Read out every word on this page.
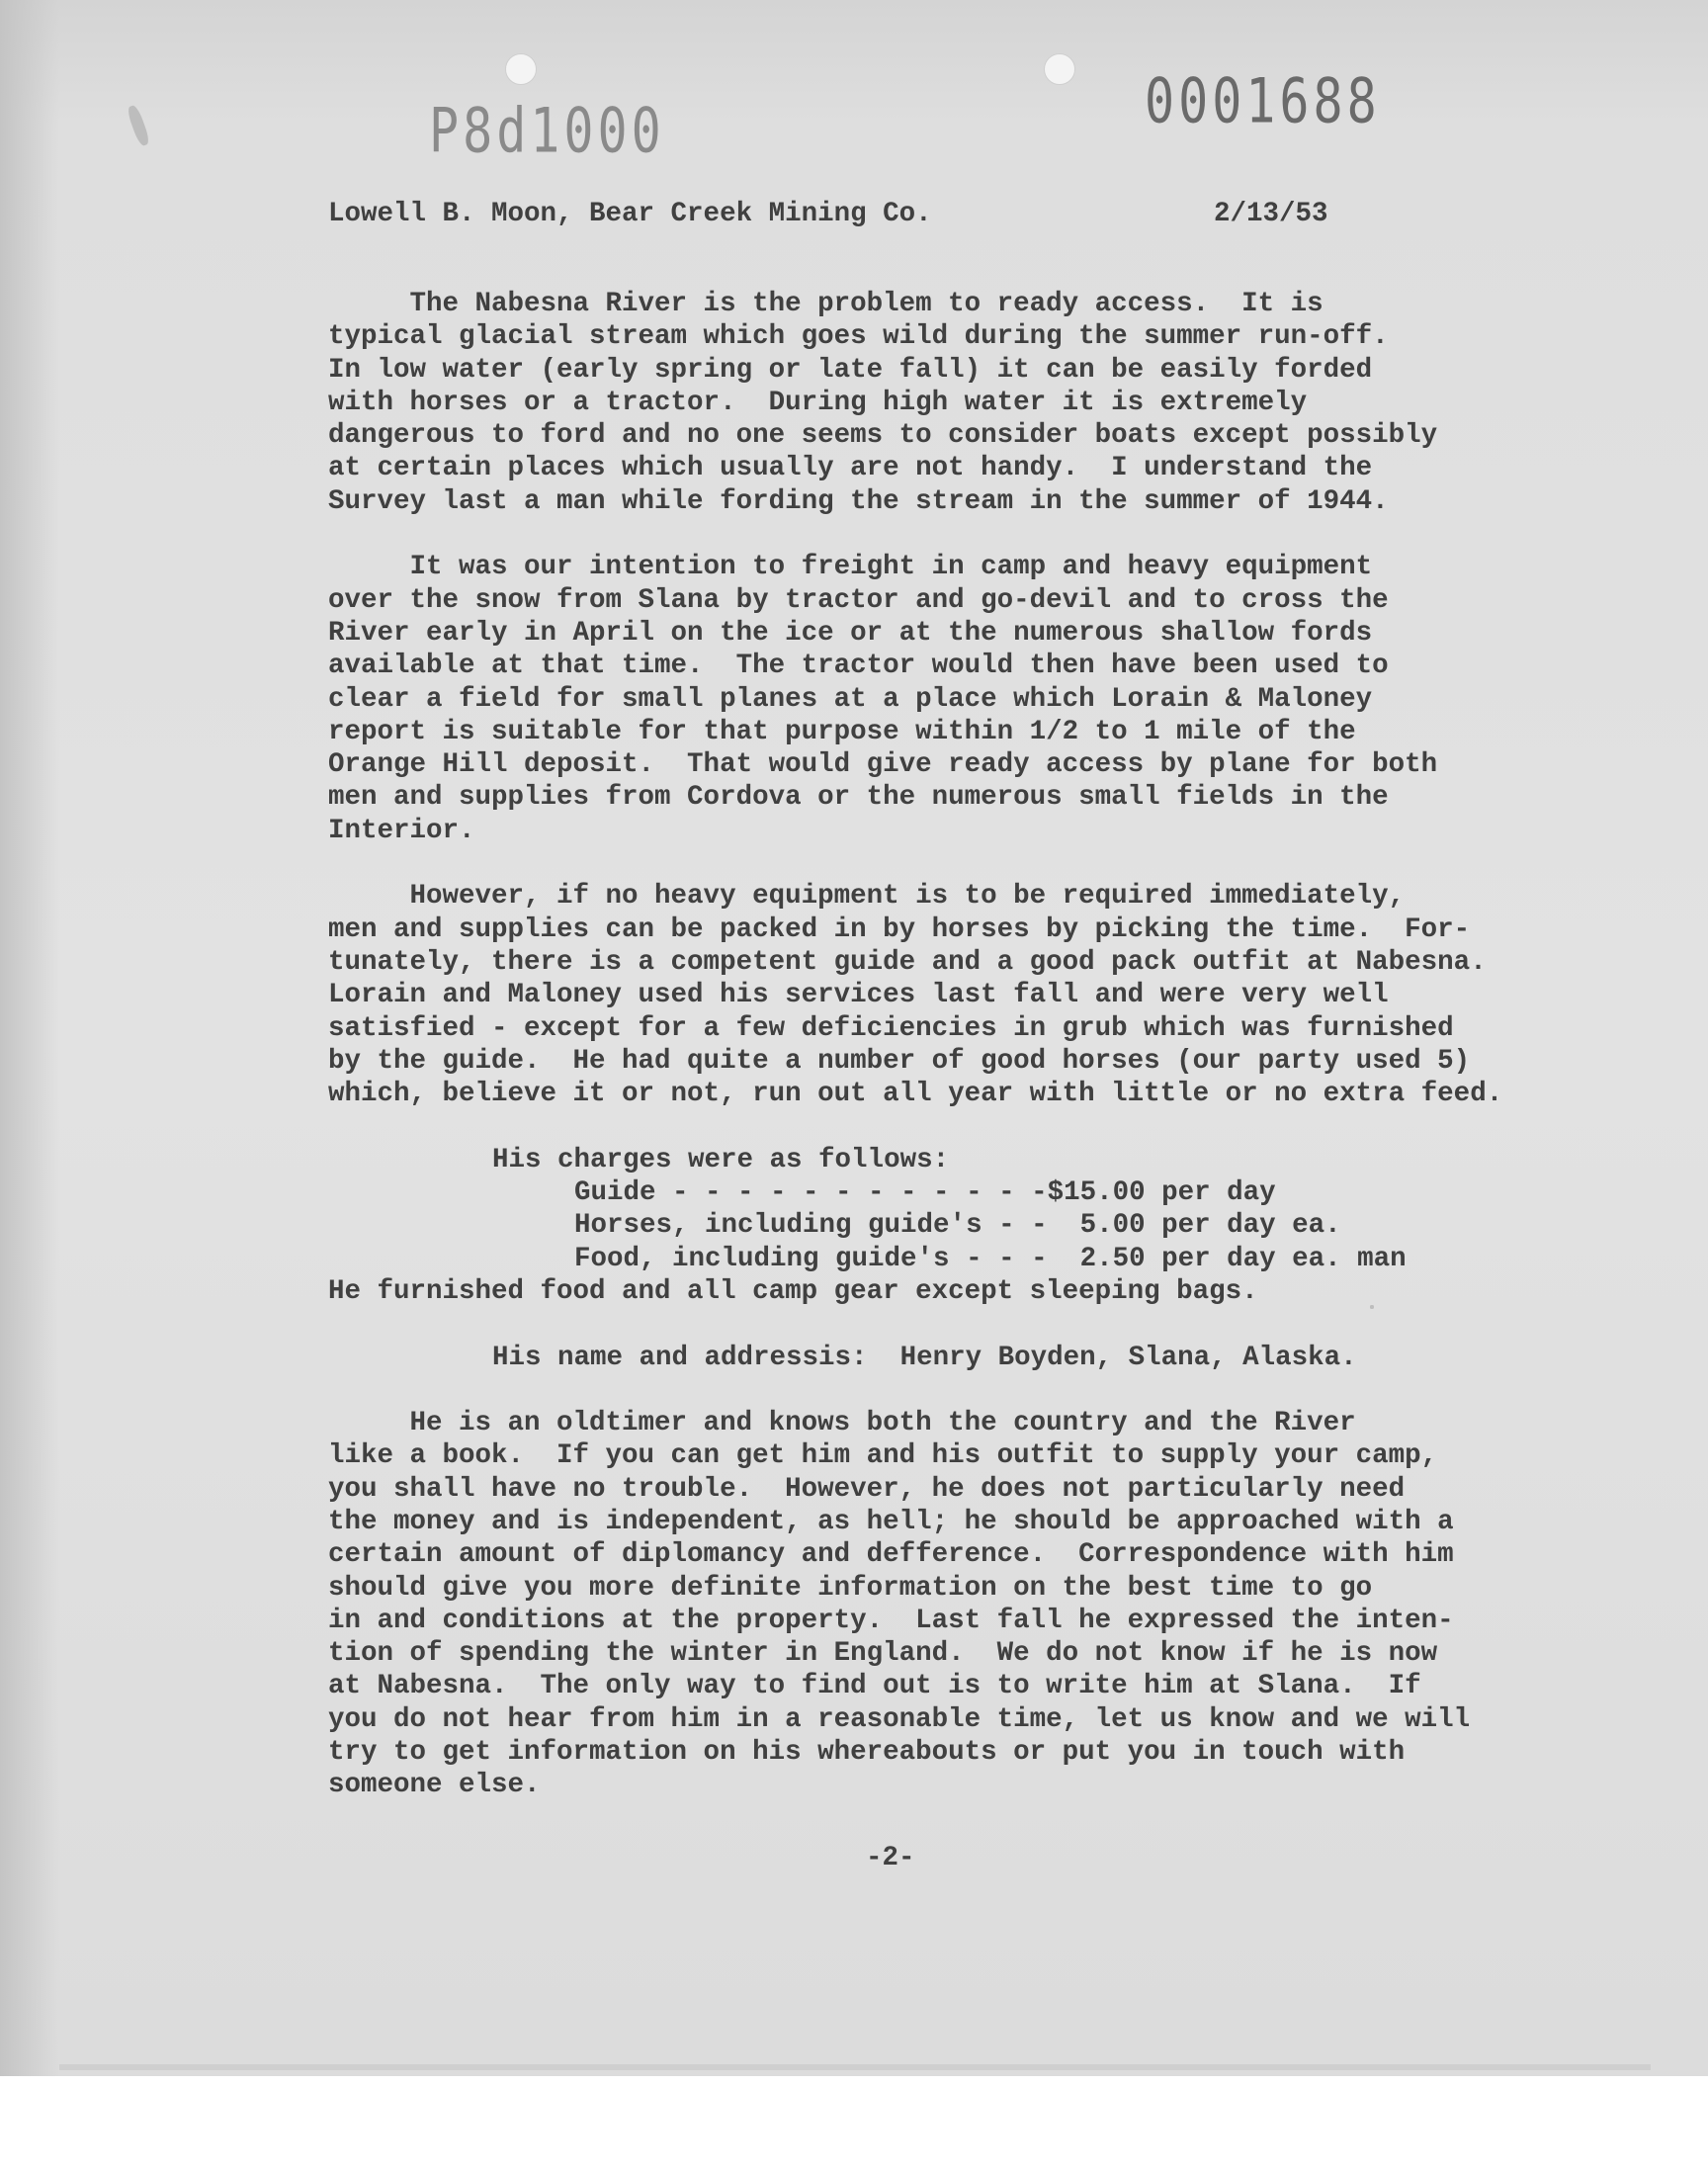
P8d1000	0001688
Lowell B. Moon, Bear Creek Mining Co.	2/13/53
The Nabesna River is the problem to ready access.  It is
typical glacial stream which goes wild during the summer run-off.
In low water (early spring or late fall) it can be easily forded
with horses or a tractor.  During high water it is extremely
dangerous to ford and no one seems to consider boats except possibly
at certain places which usually are not handy.  I understand the
Survey last a man while fording the stream in the summer of 1944.
It was our intention to freight in camp and heavy equipment
over the snow from Slana by tractor and go-devil and to cross the
River early in April on the ice or at the numerous shallow fords
available at that time.  The tractor would then have been used to
clear a field for small planes at a place which Lorain & Maloney
report is suitable for that purpose within 1/2 to 1 mile of the
Orange Hill deposit.  That would give ready access by plane for both
men and supplies from Cordova or the numerous small fields in the
Interior.
However, if no heavy equipment is to be required immediately,
men and supplies can be packed in by horses by picking the time.  For-
tunately, there is a competent guide and a good pack outfit at Nabesna.
Lorain and Maloney used his services last fall and were very well
satisfied - except for a few deficiencies in grub which was furnished
by the guide.  He had quite a number of good horses (our party used 5)
which, believe it or not, run out all year with little or no extra feed.
His charges were as follows:
Guide - - - - - - - - - - - -$15.00 per day
Horses, including guide's - -  5.00 per day ea.
Food, including guide's - - -  2.50 per day ea. man
He furnished food and all camp gear except sleeping bags.
His name and addressis:  Henry Boyden, Slana, Alaska.
He is an oldtimer and knows both the country and the River
like a book.  If you can get him and his outfit to supply your camp,
you shall have no trouble.  However, he does not particularly need
the money and is independent, as hell; he should be approached with a
certain amount of diplomancy and defference.  Correspondence with him
should give you more definite information on the best time to go
in and conditions at the property.  Last fall he expressed the inten-
tion of spending the winter in England.  We do not know if he is now
at Nabesna.  The only way to find out is to write him at Slana.  If
you do not hear from him in a reasonable time, let us know and we will
try to get information on his whereabouts or put you in touch with
someone else.
-2-
